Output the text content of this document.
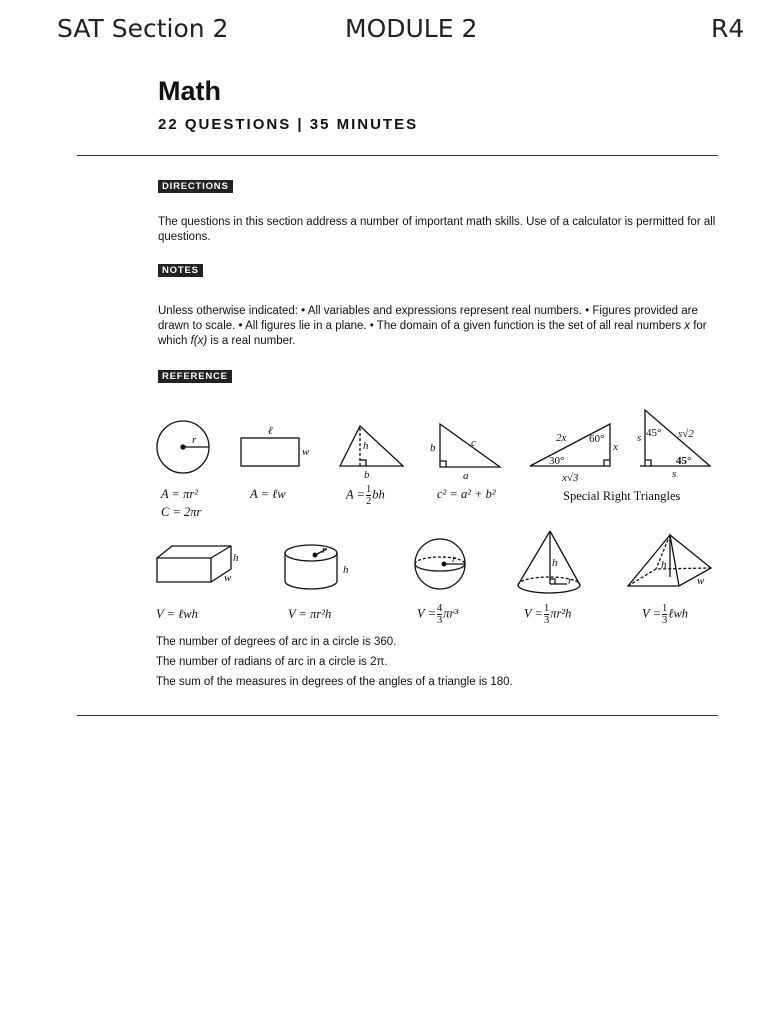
SAT Section 2	MODULE 2	R4
Math
22 QUESTIONS | 35 MINUTES
DIRECTIONS
The questions in this section address a number of important math skills. Use of a calculator is permitted for all questions.
NOTES
Unless otherwise indicated: • All variables and expressions represent real numbers. • Figures provided are drawn to scale. • All figures lie in a plane. • The domain of a given function is the set of all real numbers x for which f(x) is a real number.
REFERENCE
r
ℓ
w	h
b
b	c
a
2x 60°
x
30°
x√3
s 45° s√2
45°
s
h
w
r
h
r	h
r
h
w
A = πr²
C = 2πr
A = ℓw	$A = \frac{1}{2}$ bh	c² = a² + b²	Special Right Triangles
V = ℓwh	V = πr²h	$V = \frac{4}{3} \pi r^3$	$V = \frac{1}{3} \pi r^2h$	$V = \frac{1}{3}$ ℓwh
The number of degrees of arc in a circle is 360.
The number of radians of arc in a circle is 2π.
The sum of the measures in degrees of the angles of a triangle is 180.
